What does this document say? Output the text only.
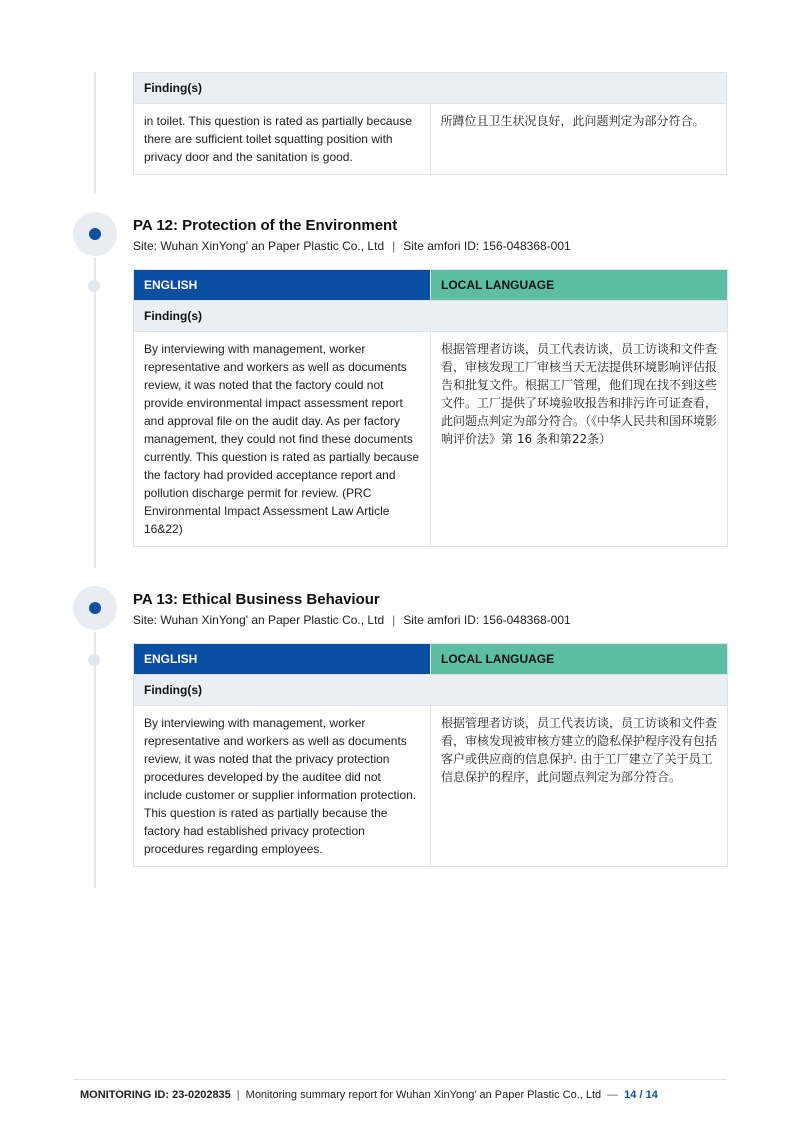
Finding(s)
in toilet. This question is rated as partially because there are sufficient toilet squatting position with privacy door and the sanitation is good.	所蹲位且卫生状况良好，此问题判定为部分符合。
PA 12: Protection of the Environment
Site: Wuhan XinYong' an Paper Plastic Co., Ltd | Site amfori ID: 156-048368-001
ENGLISH	LOCAL LANGUAGE
Finding(s)	
By interviewing with management, worker representative and workers as well as documents review, it was noted that the factory could not provide environmental impact assessment report and approval file on the audit day. As per factory management, they could not find these documents currently. This question is rated as partially because the factory had provided acceptance report and pollution discharge permit for review. (PRC Environmental Impact Assessment Law Article 16&22)	根据管理者访谈，员工代表访谈，员工访谈和文件查看，审核发现工厂审核当天无法提供环境影响评估报告和批复文件。根据工厂管理，他们现在找不到这些文件。工厂提供了环境验收报告和排污许可证查看，此问题点判定为部分符合。（《中华人民共和国环境影响评价法》第 16 条和第22条）
PA 13: Ethical Business Behaviour
Site: Wuhan XinYong' an Paper Plastic Co., Ltd | Site amfori ID: 156-048368-001
ENGLISH	LOCAL LANGUAGE
Finding(s)	
By interviewing with management, worker representative and workers as well as documents review, it was noted that the privacy protection procedures developed by the auditee did not include customer or supplier information protection. This question is rated as partially because the factory had established privacy protection procedures regarding employees.	根据管理者访谈，员工代表访谈，员工访谈和文件查看，审核发现被审核方建立的隐私保护程序没有包括客户或供应商的信息保护. 由于工厂建立了关于员工信息保护的程序，此问题点判定为部分符合。
MONITORING ID: 23-0202835 | Monitoring summary report for Wuhan XinYong' an Paper Plastic Co., Ltd — 14 / 14
